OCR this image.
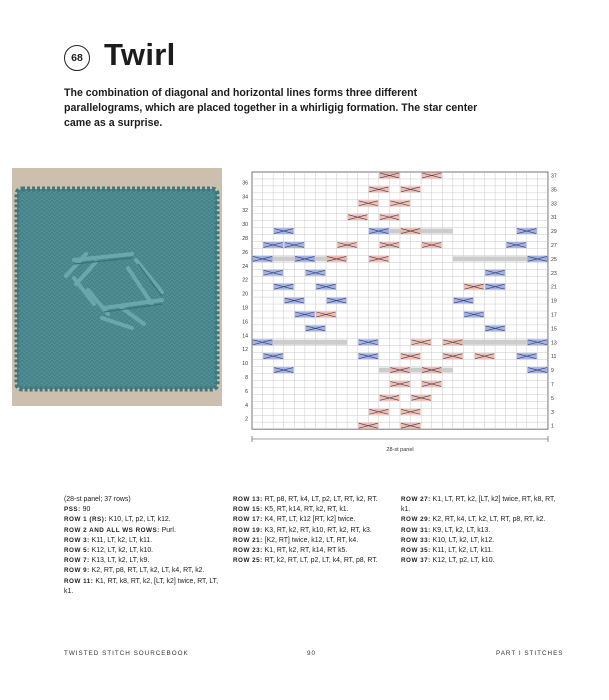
68 Twirl
The combination of diagonal and horizontal lines forms three different parallelograms, which are placed together in a whirligig formation. The star center came as a surprise.
2
4
6
8
10
12
14
16
18
20
22
24
26
28
30
32
34
36
1
3
5
7
9
11
13
15
17
19
21
23
25
27
29
31
33
35
37
28-st panel
(28-st panel; 37 rows)
PSS: 90
ROW 1 (RS): K10, LT, p2, LT, k12.
ROW 2 AND ALL WS ROWS: Purl.
ROW 3: K11, LT, k2, LT, k11.
ROW 5: K12, LT, k2, LT, k10.
ROW 7: K13, LT, k2, LT, k9.
ROW 9: K2, RT, p8, RT, LT, k2, LT, k4, RT, k2.
ROW 11: K1, RT, k8, RT, k2, [LT, k2] twice, RT, LT, k1.
ROW 13: RT, p8, RT, k4, LT, p2, LT, RT, k2, RT.
ROW 15: K5, RT, k14, RT, k2, RT, k1.
ROW 17: K4, RT, LT, k12 [RT, k2] twice.
ROW 19: K3, RT, k2, RT, k10, RT, k2, RT, k3.
ROW 21: [K2, RT] twice, k12, LT, RT, k4.
ROW 23: K1, RT, k2, RT, k14, RT k5.
ROW 25: RT, k2, RT, LT, p2, LT, k4, RT, p8, RT.
ROW 27: K1, LT, RT, k2, [LT, k2] twice, RT, k8, RT, k1.
ROW 29: K2, RT, k4, LT, k2, LT, RT, p8, RT, k2.
ROW 31: K9, LT, k2, LT, k13.
ROW 33: K10, LT, k2, LT, k12.
ROW 35: K11, LT, k2, LT, k11.
ROW 37: K12, LT, p2, LT, k10.
TWISTED STITCH SOURCEBOOK	90	PART I STITCHES
